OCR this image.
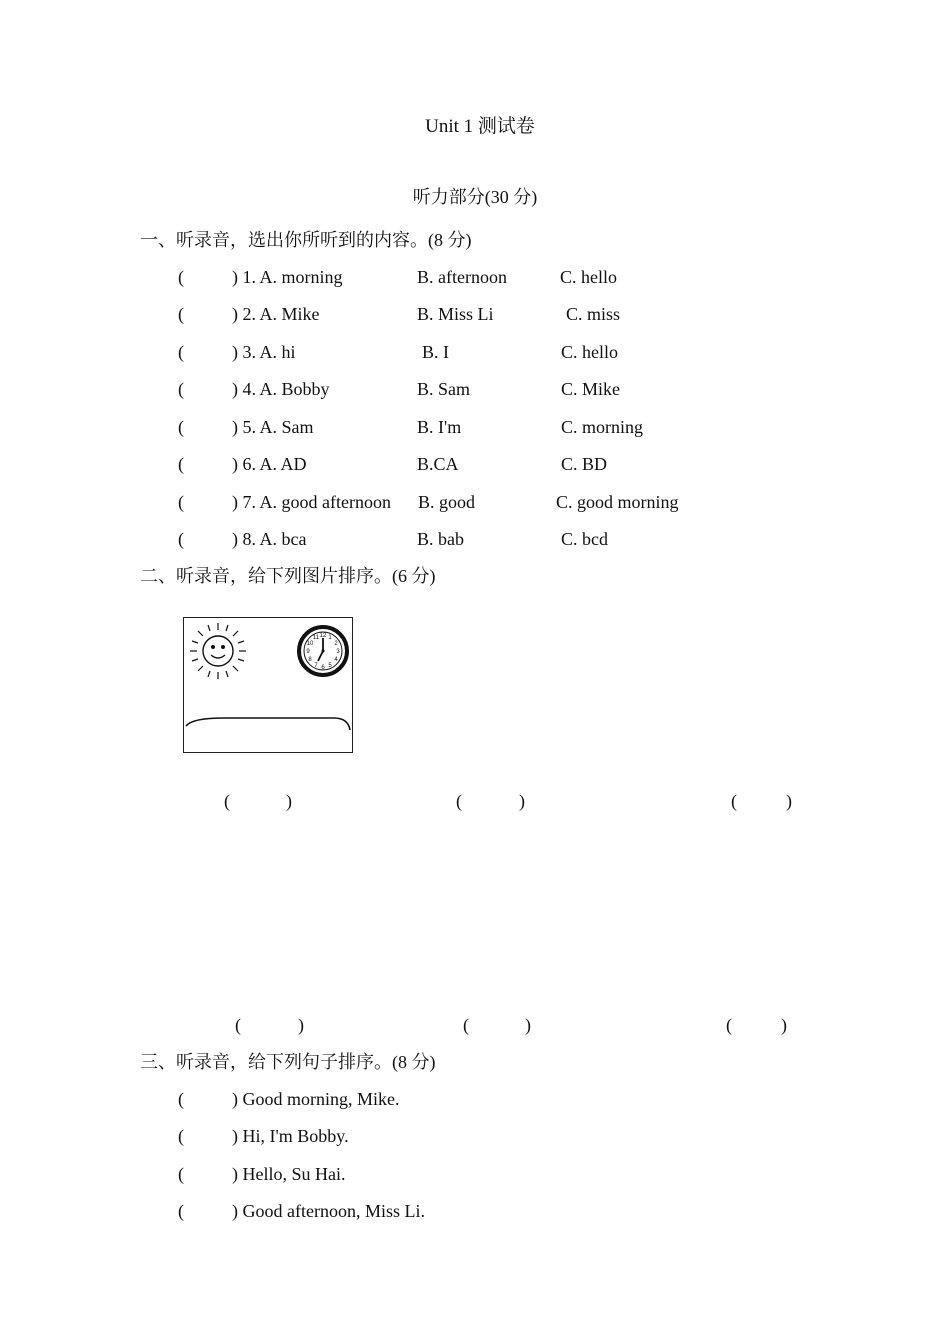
Unit 1 测试卷
听力部分(30 分)
一、听录音，选出你所听到的内容。(8 分)
(	) 1. A. morning	B. afternoon	C. hello
(	) 2. A. Mike	B. Miss Li	C. miss
(	) 3. A. hi	B. I	C. hello
(	) 4. A. Bobby	B. Sam	C. Mike
(	) 5. A. Sam	B. I'm	C. morning
(	) 6. A. AD	B.CA	C. BD
(	) 7. A. good afternoon B. good	C. good morning
(	) 8. A. bca	B. bab	C. bcd
二、听录音，给下列图片排序。(6 分)
12 1
2
3
4
5
6
7
8
9
10
11
(	)	(	)	(	)
(	)	(	)	(	)
三、听录音，给下列句子排序。(8 分)
(	) Good morning, Mike.
(	) Hi, I'm Bobby.
(	) Hello, Su Hai.
(	) Good afternoon, Miss Li.
